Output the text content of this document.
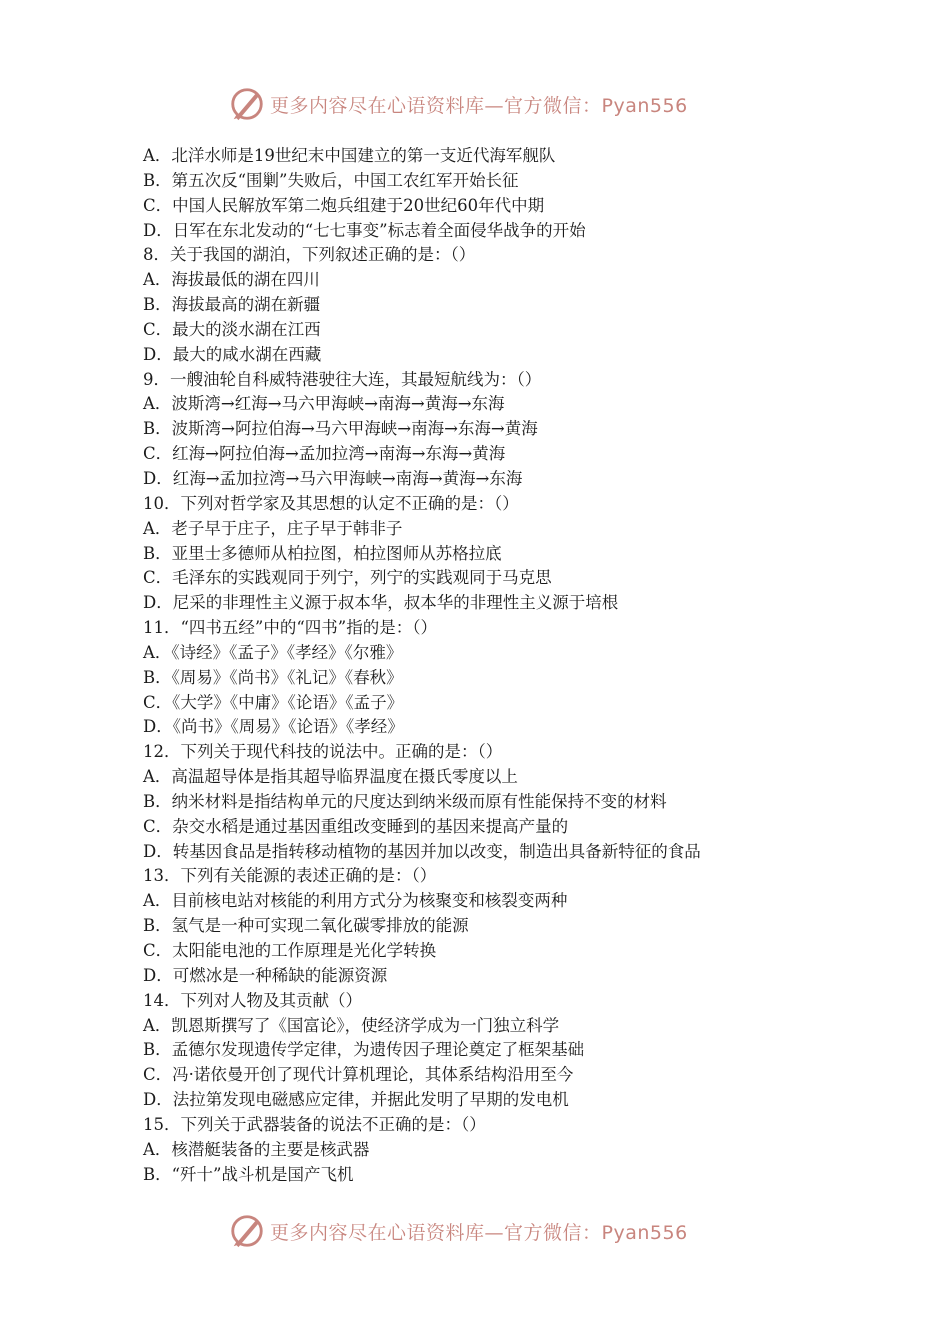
更多内容尽在心语资料库—官方微信：Pyan556
A．北洋水师是19世纪末中国建立的第一支近代海军舰队
B．第五次反“围剿”失败后，中国工农红军开始长征
C．中国人民解放军第二炮兵组建于20世纪60年代中期
D．日军在东北发动的“七七事变”标志着全面侵华战争的开始
8．关于我国的湖泊，下列叙述正确的是：（）
A．海拔最低的湖在四川
B．海拔最高的湖在新疆
C．最大的淡水湖在江西
D．最大的咸水湖在西藏
9．一艘油轮自科威特港驶往大连，其最短航线为：（）
A．波斯湾→红海→马六甲海峡→南海→黄海→东海
B．波斯湾→阿拉伯海→马六甲海峡→南海→东海→黄海
C．红海→阿拉伯海→孟加拉湾→南海→东海→黄海
D．红海→孟加拉湾→马六甲海峡→南海→黄海→东海
10．下列对哲学家及其思想的认定不正确的是：（）
A．老子早于庄子，庄子早于韩非子
B．亚里士多德师从柏拉图，柏拉图师从苏格拉底
C．毛泽东的实践观同于列宁，列宁的实践观同于马克思
D．尼采的非理性主义源于叔本华，叔本华的非理性主义源于培根
11．“四书五经”中的“四书”指的是：（）
A．《诗经》《孟子》《孝经》《尔雅》
B．《周易》《尚书》《礼记》《春秋》
C．《大学》《中庸》《论语》《孟子》
D．《尚书》《周易》《论语》《孝经》
12．下列关于现代科技的说法中。正确的是：（）
A．高温超导体是指其超导临界温度在摄氏零度以上
B．纳米材料是指结构单元的尺度达到纳米级而原有性能保持不变的材料
C．杂交水稻是通过基因重组改变睡到的基因来提高产量的
D．转基因食品是指转移动植物的基因并加以改变，制造出具备新特征的食品
13．下列有关能源的表述正确的是：（）
A．目前核电站对核能的利用方式分为核聚变和核裂变两种
B．氢气是一种可实现二氧化碳零排放的能源
C．太阳能电池的工作原理是光化学转换
D．可燃冰是一种稀缺的能源资源
14．下列对人物及其贡献（）
A．凯恩斯撰写了《国富论》，使经济学成为一门独立科学
B．孟德尔发现遗传学定律，为遗传因子理论奠定了框架基础
C．冯·诺依曼开创了现代计算机理论，其体系结构沿用至今
D．法拉第发现电磁感应定律，并据此发明了早期的发电机
15．下列关于武器装备的说法不正确的是：（）
A．核潜艇装备的主要是核武器
B．“歼十”战斗机是国产飞机
更多内容尽在心语资料库—官方微信：Pyan556
